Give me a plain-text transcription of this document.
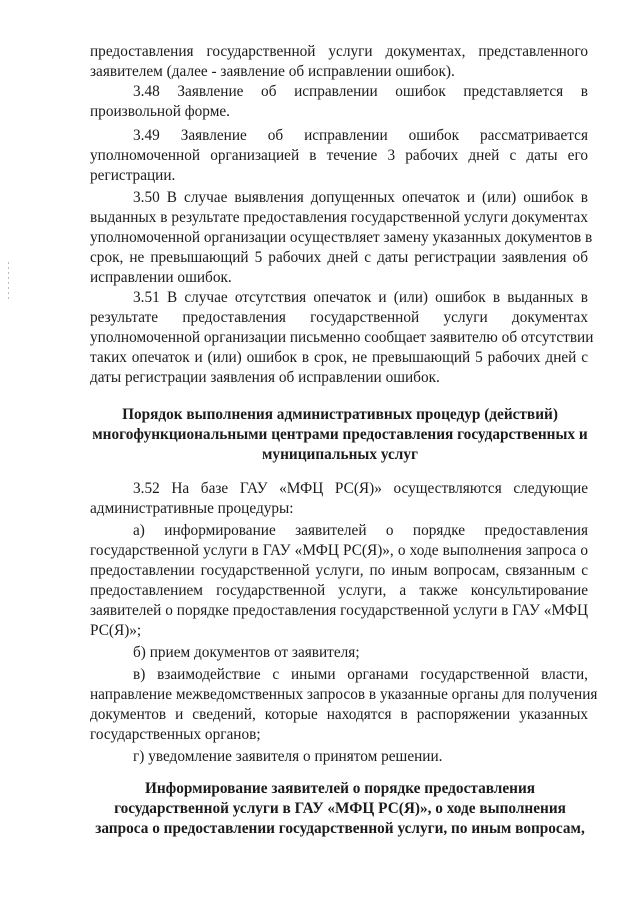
предоставления государственной услуги документах, представленного
заявителем (далее - заявление об исправлении ошибок).
3.48 Заявление об исправлении ошибок представляется в
произвольной форме.
3.49 Заявление об исправлении ошибок рассматривается
уполномоченной организацией в течение 3 рабочих дней с даты его
регистрации.
3.50 В случае выявления допущенных опечаток и (или) ошибок в
выданных в результате предоставления государственной услуги документах
уполномоченной организации осуществляет замену указанных документов в
срок, не превышающий 5 рабочих дней с даты регистрации заявления об
исправлении ошибок.
3.51 В случае отсутствия опечаток и (или) ошибок в выданных в
результате предоставления государственной услуги документах
уполномоченной организации письменно сообщает заявителю об отсутствии
таких опечаток и (или) ошибок в срок, не превышающий 5 рабочих дней с
даты регистрации заявления об исправлении ошибок.
Порядок выполнения административных процедур (действий)
многофункциональными центрами предоставления государственных и
муниципальных услуг
3.52 На базе ГАУ «МФЦ РС(Я)» осуществляются следующие
административные процедуры:
а) информирование заявителей о порядке предоставления
государственной услуги в ГАУ «МФЦ РС(Я)», о ходе выполнения запроса о
предоставлении государственной услуги, по иным вопросам, связанным с
предоставлением государственной услуги, а также консультирование
заявителей о порядке предоставления государственной услуги в ГАУ «МФЦ
РС(Я)»;
б) прием документов от заявителя;
в) взаимодействие с иными органами государственной власти,
направление межведомственных запросов в указанные органы для получения
документов и сведений, которые находятся в распоряжении указанных
государственных органов;
г) уведомление заявителя о принятом решении.
Информирование заявителей о порядке предоставления
государственной услуги в ГАУ «МФЦ РС(Я)», о ходе выполнения
запроса о предоставлении государственной услуги, по иным вопросам,
